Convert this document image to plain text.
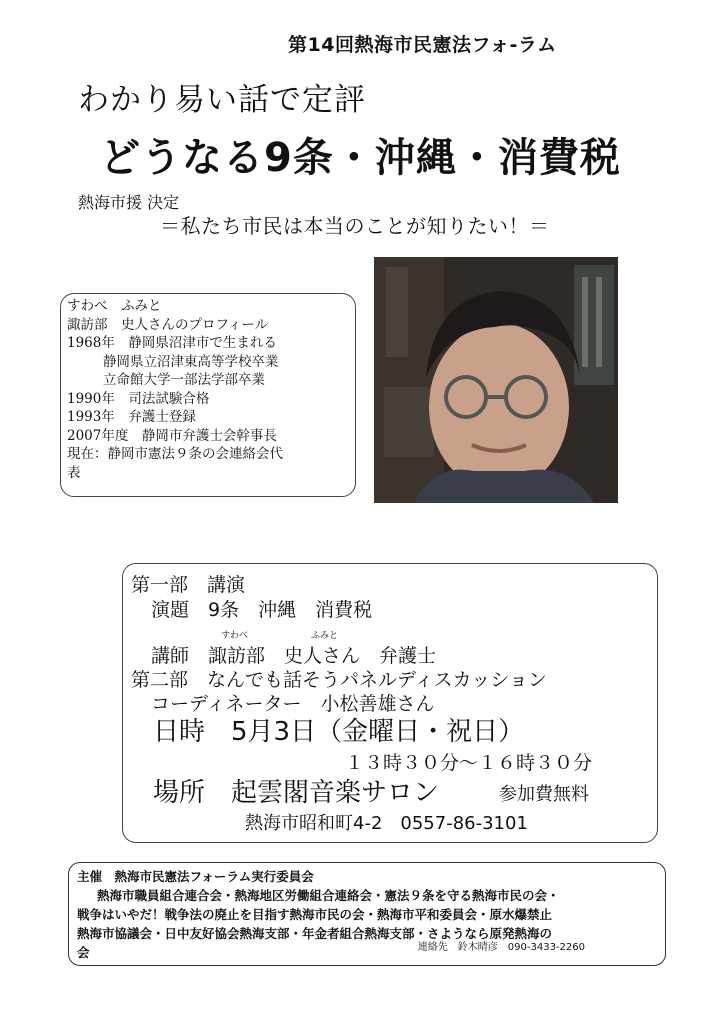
第14回熱海市民憲法フォ-ラム
わかり易い話で定評
どうなる9条・沖縄・消費税
熱海市援 決定
＝私たち市民は本当のことが知りたい！＝
すわべ　ふみと
諏訪部　史人さんのプロフィール
1968年　静岡県沼津市で生まれる
静岡県立沼津東高等学校卒業
立命館大学一部法学部卒業
1990年　司法試験合格
1993年　弁護士登録
2007年度　静岡市弁護士会幹事長
現在：静岡市憲法９条の会連絡会代
表
第一部　講演
演題　9条　沖縄　消費税
すわべ	ふみと
講師　諏訪部　史人さん　弁護士
第二部　なんでも話そうパネルディスカッション
コーディネーター　小松善雄さん
日時　5月3日（金曜日・祝日）
１３時３０分～１６時３０分
場所　起雲閣音楽サロン	参加費無料
熱海市昭和町4-2　0557-86-3101
主催　熱海市民憲法フォーラム実行委員会
熱海市職員組合連合会・熱海地区労働組合連絡会・憲法９条を守る熱海市民の会・
戦争はいやだ！戦争法の廃止を目指す熱海市民の会・熱海市平和委員会・原水爆禁止
熱海市協議会・日中友好協会熱海支部・年金者組合熱海支部・さようなら原発熱海の
会	連絡先　鈴木晴彦　090-3433-2260
